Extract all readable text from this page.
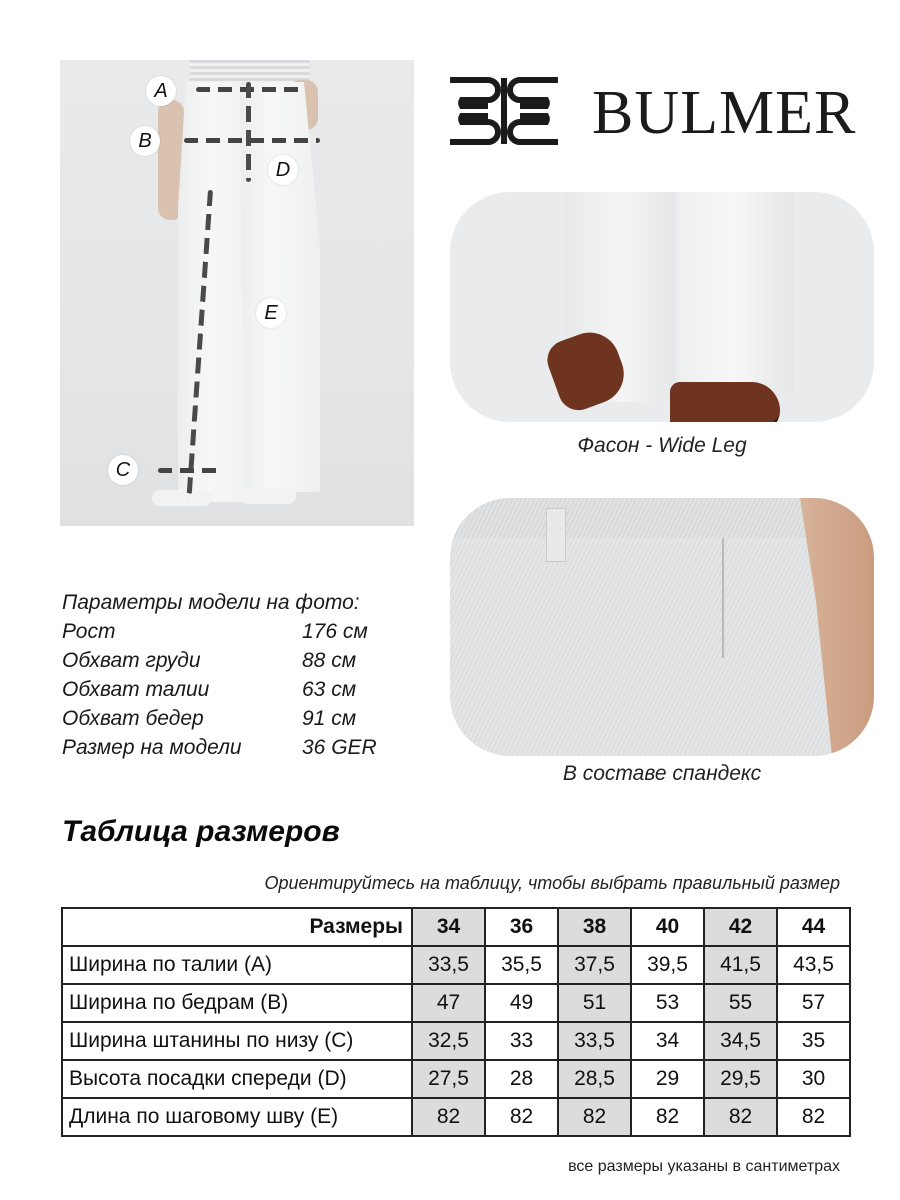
A
B
C
D
E
BULMER
Фасон - Wide Leg
В составе спандекс
Параметры модели на фото:
Рост	176 см
Обхват груди	88 см
Обхват талии	63 см
Обхват бедер	91 см
Размер на модели	36 GER
Таблица размеров
Ориентируйтесь на таблицу, чтобы выбрать правильный размер
Размеры	34	36	38	40	42	44
Ширина по талии (A)	33,5	35,5	37,5	39,5	41,5	43,5
Ширина по бедрам (B)	47	49	51	53	55	57
Ширина штанины по низу (C)	32,5	33	33,5	34	34,5	35
Высота посадки спереди (D)	27,5	28	28,5	29	29,5	30
Длина по шаговому шву (E)	82	82	82	82	82	82
все размеры указаны в сантиметрах
